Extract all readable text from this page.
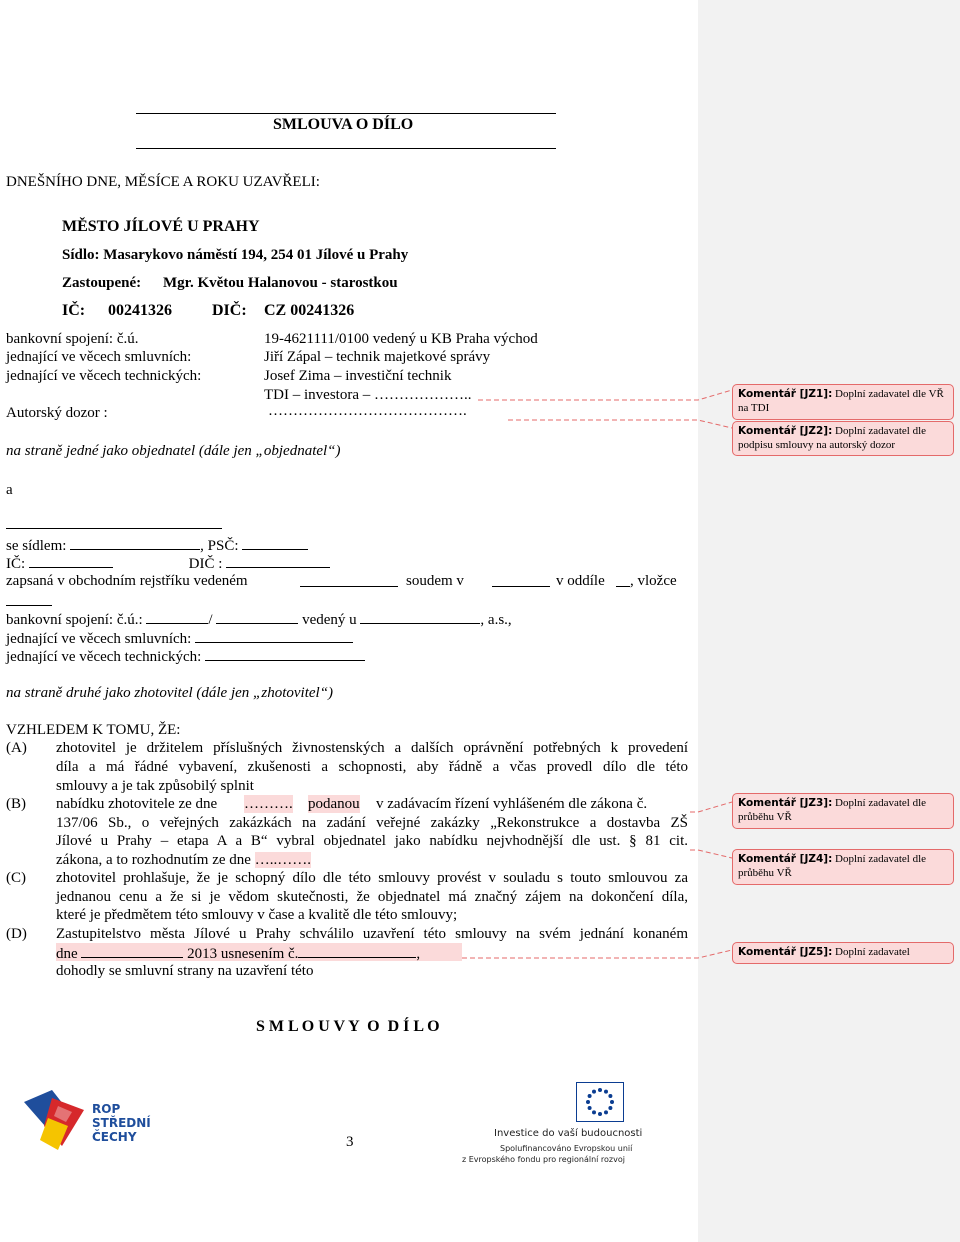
SMLOUVA O DÍLO
DNEŠNÍHO DNE, MĚSÍCE A ROKU UZAVŘELI:
MĚSTO JÍLOVÉ U PRAHY
Sídlo: Masarykovo náměstí 194, 254 01 Jílové u Prahy
Zastoupené: Mgr. Květou Halanovou - starostkou
IČ: 00241326	DIČ: CZ 00241326
bankovní spojení: č.ú.	19-4621111/0100 vedený u KB Praha východ
jednající ve věcech smluvních:	Jiří Zápal – technik majetkové správy
jednající ve věcech technických:	Josef Zima – investiční technik
TDI – investora – ………………..
Autorský dozor :	………………………………….
na straně jedné jako objednatel (dále jen „objednatel“)
a
se sídlem:	, PSČ:
IČ:	DIČ :
zapsaná v obchodním rejstříku vedeném	soudem v	v oddíle , vložce
bankovní spojení: č.ú.:	/	vedený u	, a.s.,
jednající ve věcech smluvních:
jednající ve věcech technických:
na straně druhé jako zhotovitel (dále jen „zhotovitel“)
VZHLEDEM K TOMU, ŽE:
(A) zhotovitel je držitelem příslušných živnostenských a dalších oprávnění potřebných k provedení
díla a má řádné vybavení, zkušenosti a schopnosti, aby řádně a včas provedl dílo dle této
smlouvy a je tak způsobilý splnit
(B) nabídku zhotovitele ze dne ………. podanou v zadávacím řízení vyhlášeném dle zákona č.
137/06 Sb., o veřejných zakázkách na zadání veřejné zakázky „Rekonstrukce a dostavba ZŠ
Jílové u Prahy – etapa A a B“ vybral objednatel jako nabídku nejvhodnější dle ust. § 81 cit.
zákona, a to rozhodnutím ze dne …..…….
(C) zhotovitel prohlašuje, že je schopný dílo dle této smlouvy provést v souladu s touto smlouvou za
jednanou cenu a že si je vědom skutečnosti, že objednatel má značný zájem na dokončení díla,
které je předmětem této smlouvy v čase a kvalitě dle této smlouvy;
(D) Zastupitelstvo města Jílové u Prahy schválilo uzavření této smlouvy na svém jednání konaném
dne	2013 usnesením č.	,
dohodly se smluvní strany na uzavření této
S M L O U V Y  O  D Í L O
ROP
STŘEDNÍ
ČECHY	3
Investice do vaší budoucnosti
Spolufinancováno Evropskou unií
z Evropského fondu pro regionální rozvoj
Komentář [JZ1]: Doplní zadavatel dle VŘ  na TDI
Komentář [JZ2]: Doplní zadavatel dle podpisu smlouvy na autorský dozor
Komentář [JZ3]: Doplní zadavatel dle průběhu VŘ
Komentář [JZ4]: Doplní zadavatel dle průběhu VŘ
Komentář [JZ5]: Doplní zadavatel
